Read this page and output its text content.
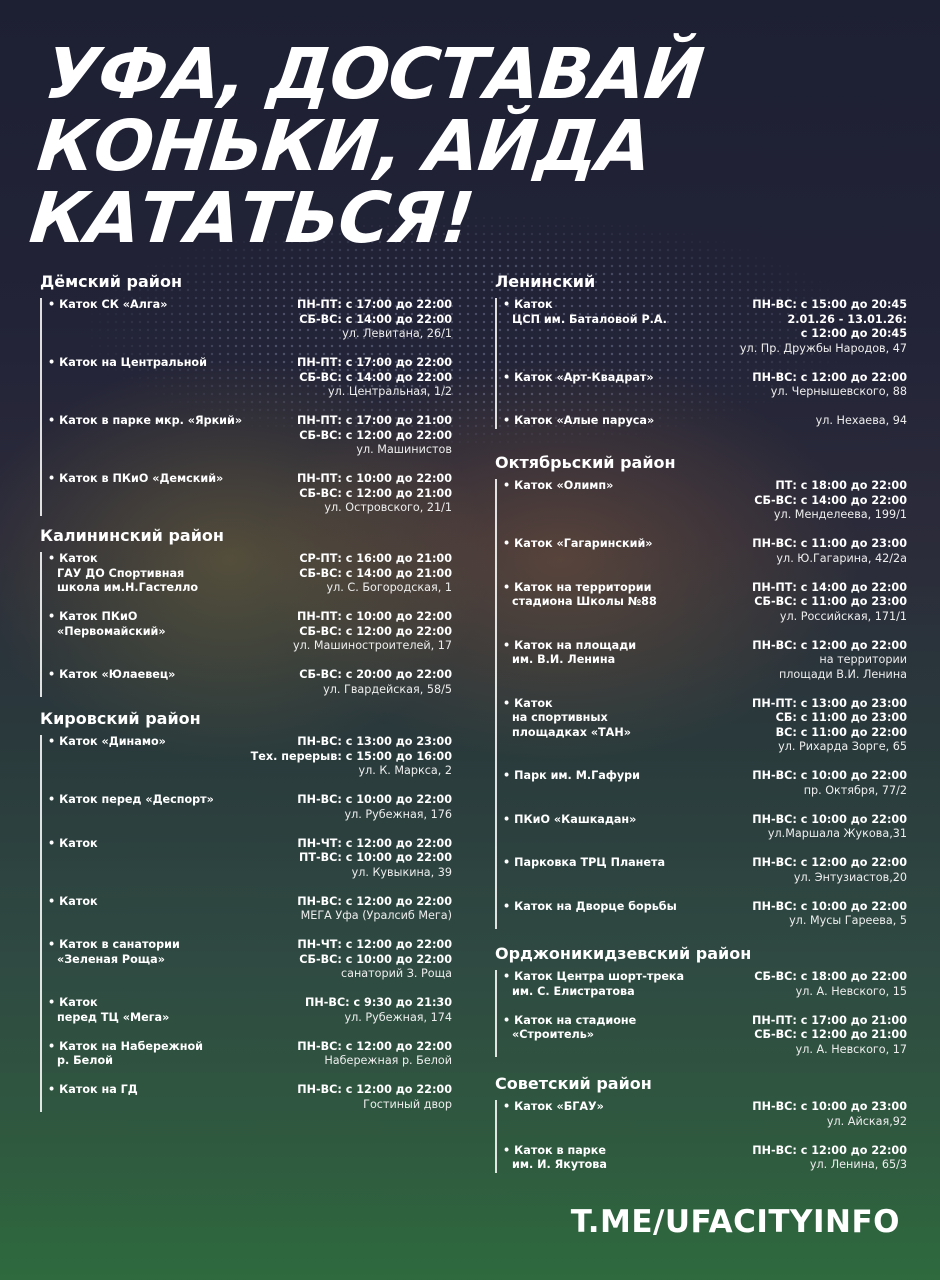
УФА, ДОСТАВАЙ
КОНЬКИ, АЙДА
КАТАТЬСЯ!
Дёмский район
• Каток СК «Алга»	ПН-ПТ: с 17:00 до 22:00
СБ-ВС: с 14:00 до 22:00
ул. Левитана, 26/1
• Каток на Центральной	ПН-ПТ: с 17:00 до 22:00
СБ-ВС: с 14:00 до 22:00
ул. Центральная, 1/2
• Каток в парке мкр. «Яркий»	ПН-ПТ: с 17:00 до 21:00
СБ-ВС: с 12:00 до 22:00
ул. Машинистов
• Каток в ПКиО «Демский»	ПН-ПТ: с 10:00 до 22:00
СБ-ВС: с 12:00 до 21:00
ул. Островского, 21/1
Калининский район
• Каток
ГАУ ДО Спортивная
школа им.Н.Гастелло
СР-ПТ: с 16:00 до 21:00
СБ-ВС: с 14:00 до 21:00
ул. С. Богородская, 1
• Каток ПКиО
«Первомайский»
ПН-ПТ: с 10:00 до 22:00
СБ-ВС: с 12:00 до 22:00
ул. Машиностроителей, 17
• Каток «Юлаевец»	СБ-ВС: с 20:00 до 22:00
ул. Гвардейская, 58/5
Кировский район
• Каток «Динамо»	ПН-ВС: с 13:00 до 23:00
Тех. перерыв: с 15:00 до 16:00
ул. К. Маркса, 2
• Каток перед «Деспорт»	ПН-ВС: с 10:00 до 22:00
ул. Рубежная, 176
• Каток	ПН-ЧТ: с 12:00 до 22:00
ПТ-ВС: с 10:00 до 22:00
ул. Кувыкина, 39
• Каток	ПН-ВС: с 12:00 до 22:00
МЕГА Уфа (Уралсиб Мега)
• Каток в санатории
«Зеленая Роща»
ПН-ЧТ: с 12:00 до 22:00
СБ-ВС: с 10:00 до 22:00
санаторий З. Роща
• Каток
перед ТЦ «Мега»
ПН-ВС: с 9:30 до 21:30
ул. Рубежная, 174
• Каток на Набережной
р. Белой
ПН-ВС: с 12:00 до 22:00
Набережная р. Белой
• Каток на ГД	ПН-ВС: с 12:00 до 22:00
Гостиный двор
Ленинский
• Каток
ЦСП им. Баталовой Р.А.
ПН-ВС: с 15:00 до 20:45
2.01.26 - 13.01.26:
с 12:00 до 20:45
ул. Пр. Дружбы Народов, 47
• Каток «Арт-Квадрат»	ПН-ВС: с 12:00 до 22:00
ул. Чернышевского, 88
• Каток «Алые паруса»	ул. Нехаева, 94
Октябрьский район
• Каток «Олимп»	ПТ: с 18:00 до 22:00
СБ-ВС: с 14:00 до 22:00
ул. Менделеева, 199/1
• Каток «Гагаринский»	ПН-ВС: с 11:00 до 23:00
ул. Ю.Гагарина, 42/2а
• Каток на территории
стадиона Школы №88
ПН-ПТ: с 14:00 до 22:00
СБ-ВС: с 11:00 до 23:00
ул. Российская, 171/1
• Каток на площади
им. В.И. Ленина
ПН-ВС: с 12:00 до 22:00
на территории
площади В.И. Ленина
• Каток
на спортивных
площадках «ТАН»
ПН-ПТ: с 13:00 до 23:00
СБ: с 11:00 до 23:00
ВС: с 11:00 до 22:00
ул. Рихарда Зорге, 65
• Парк им. М.Гафури	ПН-ВС: с 10:00 до 22:00
пр. Октября, 77/2
• ПКиО «Кашкадан»	ПН-ВС: с 10:00 до 22:00
ул.Маршала Жукова,31
• Парковка ТРЦ Планета	ПН-ВС: с 12:00 до 22:00
ул. Энтузиастов,20
• Каток на Дворце борьбы	ПН-ВС: с 10:00 до 22:00
ул. Мусы Гареева, 5
Орджоникидзевский район
• Каток Центра шорт-трека
им. С. Елистратова
СБ-ВС: с 18:00 до 22:00
ул. А. Невского, 15
• Каток на стадионе
«Строитель»
ПН-ПТ: с 17:00 до 21:00
СБ-ВС: с 12:00 до 21:00
ул. А. Невского, 17
Советский район
• Каток «БГАУ»	ПН-ВС: с 10:00 до 23:00
ул. Айская,92
• Каток в парке
им. И. Якутова
ПН-ВС: с 12:00 до 22:00
ул. Ленина, 65/3
T.ME/UFACITYINFO
